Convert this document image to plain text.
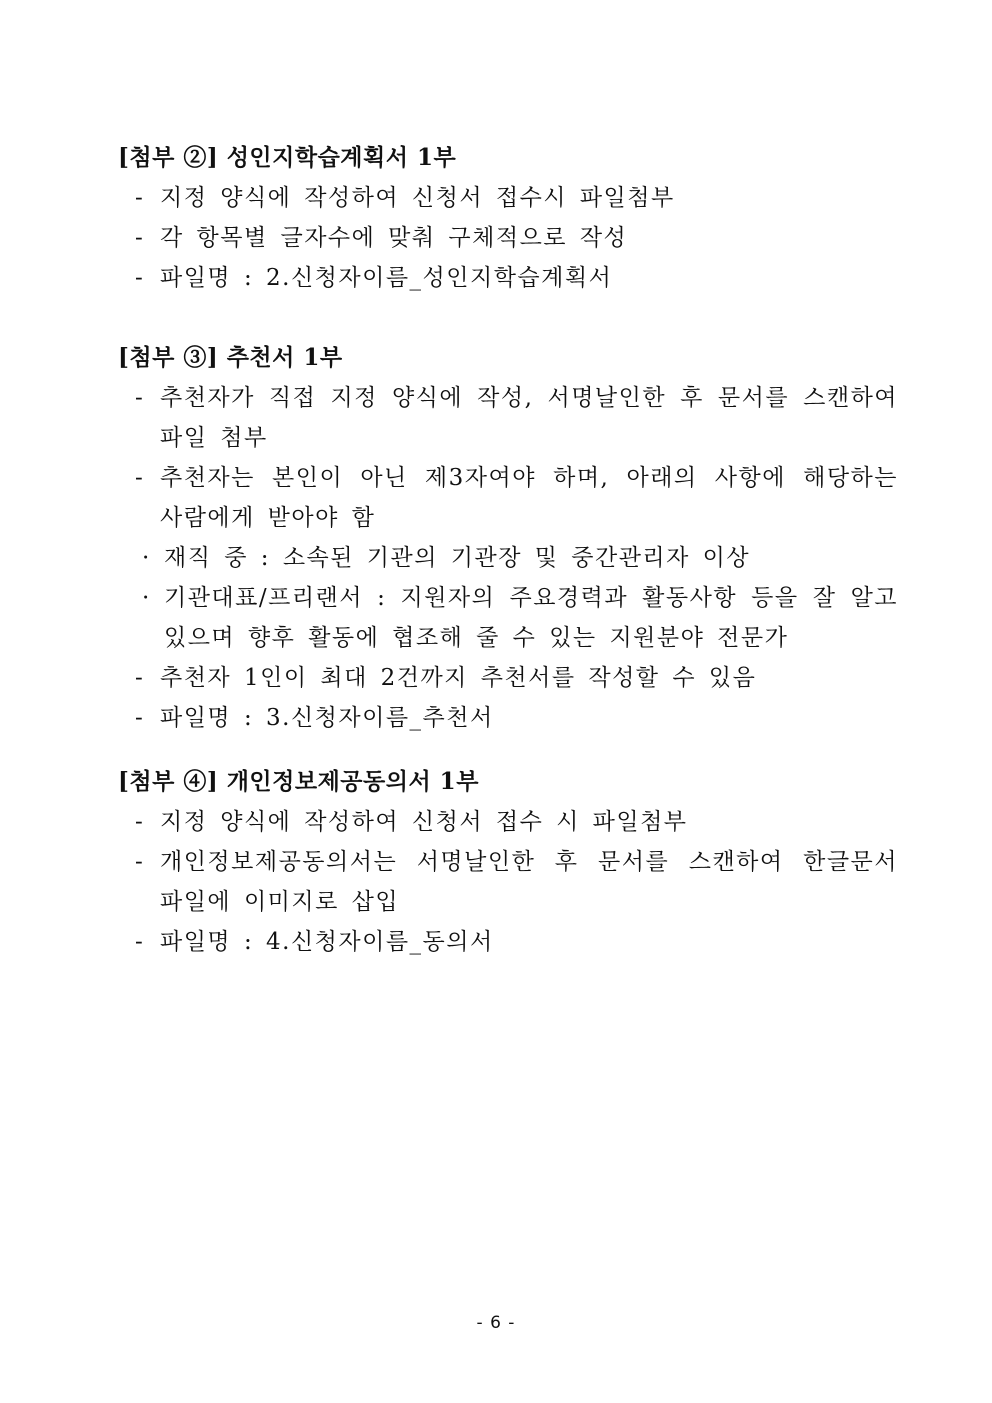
[첨부 ②] 성인지학습계획서 1부
- 지정 양식에 작성하여 신청서 접수시 파일첨부
- 각 항목별 글자수에 맞춰 구체적으로 작성
- 파일명 : 2.신청자이름_성인지학습계획서
[첨부 ③] 추천서 1부
- 추천자가 직접 지정 양식에 작성, 서명날인한 후 문서를 스캔하여 파일 첨부
- 추천자는 본인이 아닌 제3자여야 하며, 아래의 사항에 해당하는 사람에게 받아야 함
· 재직 중 : 소속된 기관의 기관장 및 중간관리자 이상
· 기관대표/프리랜서 : 지원자의 주요경력과 활동사항 등을 잘 알고 있으며 향후 활동에 협조해 줄 수 있는 지원분야 전문가
- 추천자 1인이 최대 2건까지 추천서를 작성할 수 있음
- 파일명 : 3.신청자이름_추천서
[첨부 ④] 개인정보제공동의서 1부
- 지정 양식에 작성하여 신청서 접수 시 파일첨부
- 개인정보제공동의서는 서명날인한 후 문서를 스캔하여 한글문서 파일에 이미지로 삽입
- 파일명 : 4.신청자이름_동의서
- 6 -
